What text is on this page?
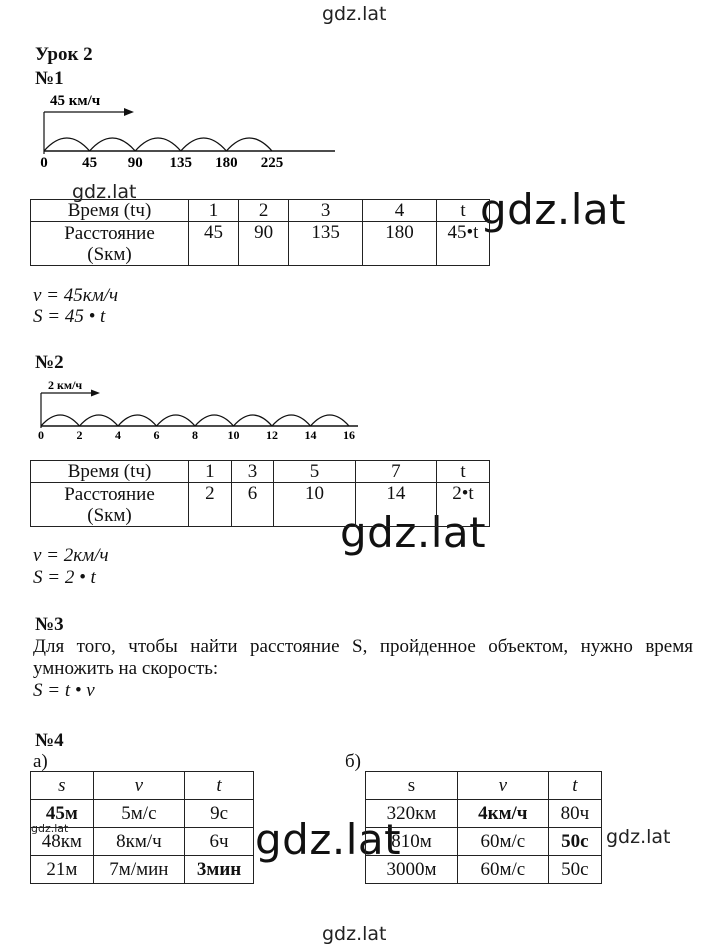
gdz.lat
gdz.lat	gdz.lat
gdz.lat
gdz.lat
gdz.lat	gdz.lat
gdz.lat
Урок 2
№1
45 км/ч
0 45 90 135 180 225
Время (tч)	1	2	3	4	t
Расстояние
(Sкм)	45	90	135	180	45•t
v = 45км/ч
S = 45 • t
№2
2 км/ч
0	2	4	6	8 10 12 14 16
Время (tч)	1	3	5	7	t
Расстояние
(Sкм)	2	6	10	14	2•t
v = 2км/ч
S = 2 • t
№3
Для того, чтобы найти расстояние S, пройденное объектом, нужно время
умножить на скорость:
S = t • v
№4
а)	б)
s	v	t
45м	5м/с	9с
48км	8км/ч	6ч
21м	7м/мин	3мин
s	v	t
320км	4км/ч	80ч
810м	60м/с	50с
3000м	60м/с	50с
